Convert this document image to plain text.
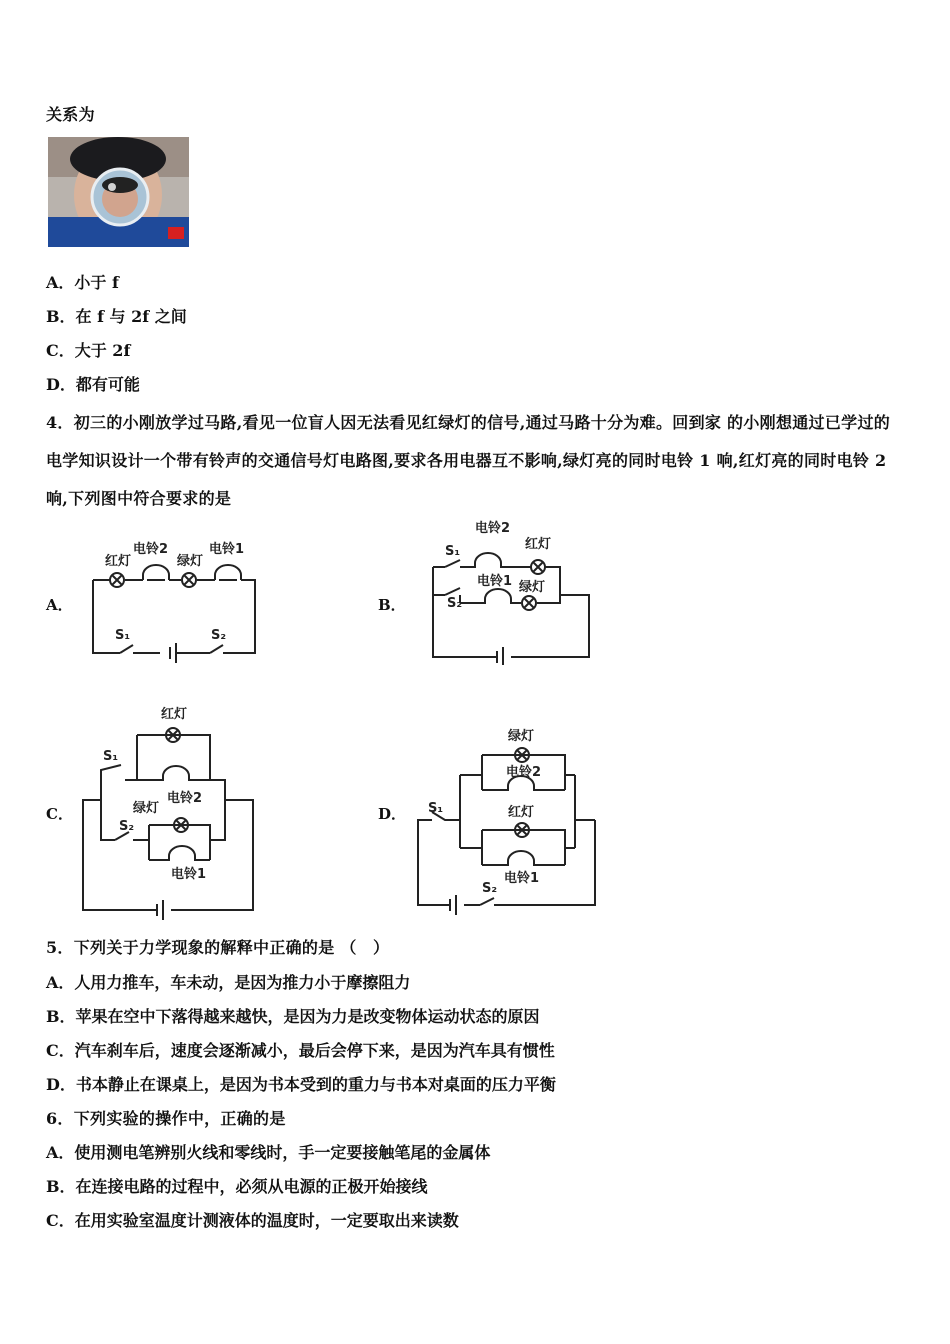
关系为
A．小于 f
B．在 f 与 2f 之间
C．大于 2f
D．都有可能
4．初三的小刚放学过马路,看见一位盲人因无法看见红绿灯的信号,通过马路十分为难。回到家 的小刚想通过已学过的
电学知识设计一个带有铃声的交通信号灯电路图,要求各用电器互不影响,绿灯亮的同时电铃 1 响,红灯亮的同时电铃 2
响,下列图中符合要求的是
A．
红灯
电铃2
绿灯
电铃1
S₁	S₂
B．
S₁
电铃2
红灯
电铃1 绿灯
S₂
C．
红灯
S₁
绿灯
电铃2
S₂
电铃1
D．
绿灯
电铃2
S₁	红灯
电铃1
S₂
5．下列关于力学现象的解释中正确的是 （　）
A．人用力推车，车未动，是因为推力小于摩擦阻力
B．苹果在空中下落得越来越快，是因为力是改变物体运动状态的原因
C．汽车刹车后，速度会逐渐减小，最后会停下来，是因为汽车具有惯性
D．书本静止在课桌上，是因为书本受到的重力与书本对桌面的压力平衡
6．下列实验的操作中，正确的是
A．使用测电笔辨别火线和零线时，手一定要接触笔尾的金属体
B．在连接电路的过程中，必须从电源的正极开始接线
C．在用实验室温度计测液体的温度时，一定要取出来读数
